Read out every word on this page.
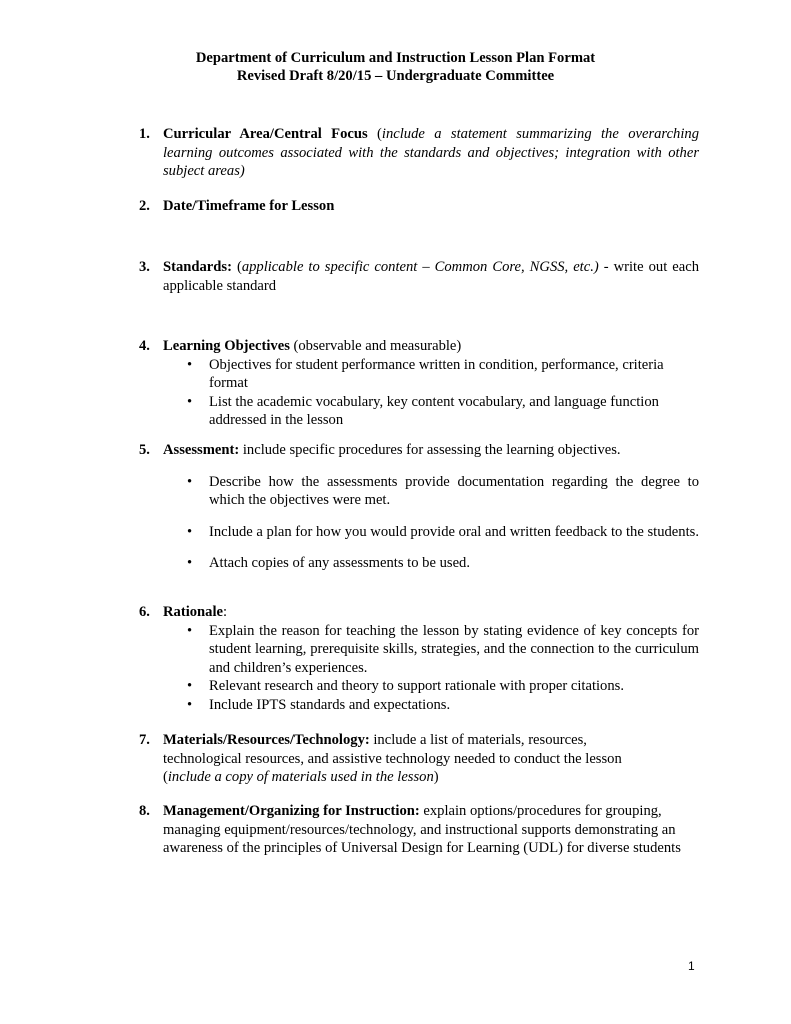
Department of Curriculum and Instruction Lesson Plan Format
Revised Draft 8/20/15 – Undergraduate Committee
1. Curricular Area/Central Focus (include a statement summarizing the overarching learning outcomes associated with the standards and objectives; integration with other subject areas)
2. Date/Timeframe for Lesson
3. Standards: (applicable to specific content – Common Core, NGSS, etc.) - write out each applicable standard
4. Learning Objectives (observable and measurable)
• Objectives for student performance written in condition, performance, criteria format
• List the academic vocabulary, key content vocabulary, and language function addressed in the lesson
5. Assessment: include specific procedures for assessing the learning objectives.
• Describe how the assessments provide documentation regarding the degree to which the objectives were met.
• Include a plan for how you would provide oral and written feedback to the students.
• Attach copies of any assessments to be used.
6. Rationale:
• Explain the reason for teaching the lesson by stating evidence of key concepts for student learning, prerequisite skills, strategies, and the connection to the curriculum and children’s experiences.
• Relevant research and theory to support rationale with proper citations.
• Include IPTS standards and expectations.
7. Materials/Resources/Technology: include a list of materials, resources, technological resources, and assistive technology needed to conduct the lesson
(include a copy of materials used in the lesson)
8. Management/Organizing for Instruction: explain options/procedures for grouping, managing equipment/resources/technology, and instructional supports demonstrating an awareness of the principles of Universal Design for Learning (UDL) for diverse students
1
